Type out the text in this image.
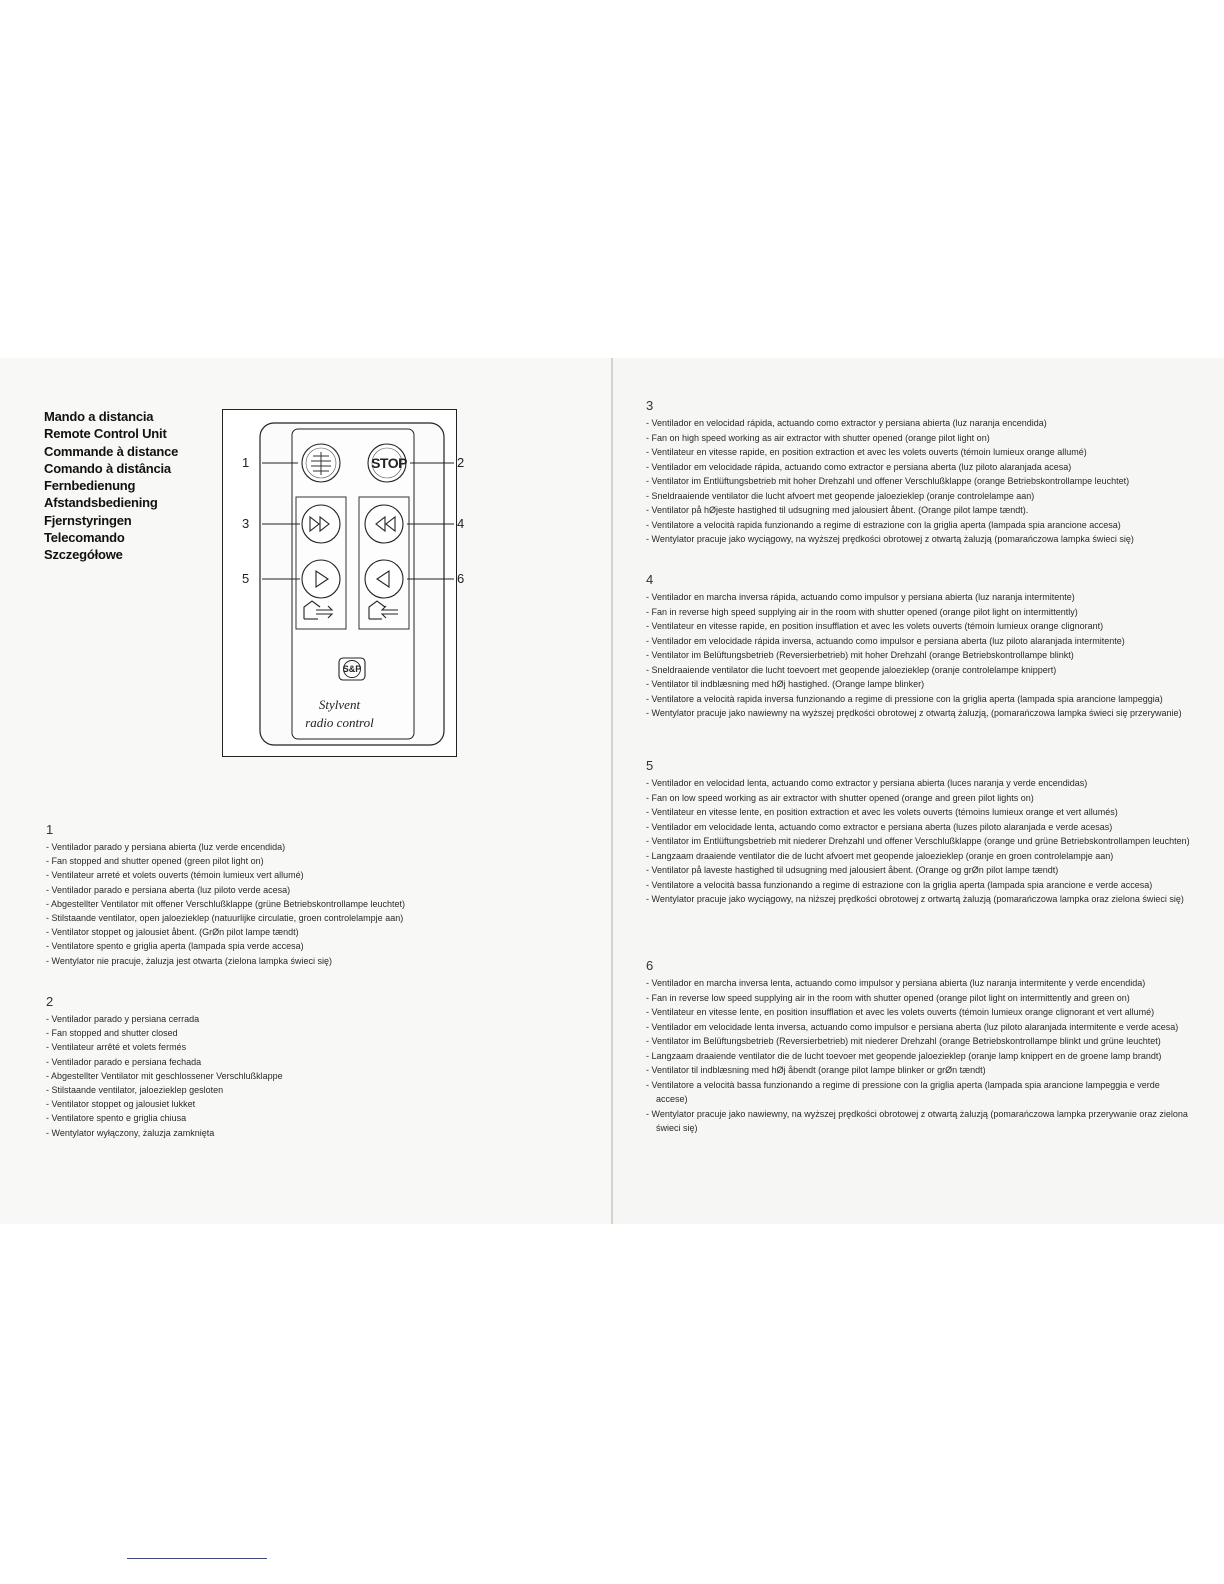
Mando a distancia
Remote Control Unit
Commande à distance
Comando à distância
Fernbedienung
Afstandsbediening
Fjernstyringen
Telecomando
Szczegółowe
STOP
S&P
Stylvent
radio control
1	2
3	4
5	6
1
- Ventilador parado y persiana abierta (luz verde encendida)
- Fan stopped and shutter opened (green pilot light on)
- Ventilateur arreté et volets ouverts (témoin lumieux vert allumé)
- Ventilador parado e persiana aberta (luz piloto verde acesa)
- Abgestellter Ventilator mit offener Verschlußklappe (grüne Betriebskontrollampe leuchtet)
- Stilstaande ventilator, open jaloezieklep (natuurlijke circulatie, groen controlelampje aan)
- Ventilator stoppet og jalousiet åbent. (GrØn pilot lampe tændt)
- Ventilatore spento e griglia aperta (lampada spia verde accesa)
- Wentylator nie pracuje, żaluzja jest otwarta (zielona lampka świeci się)
2
- Ventilador parado y persiana cerrada
- Fan stopped and shutter closed
- Ventilateur arrêté et volets fermés
- Ventilador parado e persiana fechada
- Abgestellter Ventilator mit geschlossener Verschlußklappe
- Stilstaande ventilator, jaloezieklep gesloten
- Ventilator stoppet og jalousiet lukket
- Ventilatore spento e griglia chiusa
- Wentylator wyłączony, żaluzja zamknięta
3
- Ventilador en velocidad rápida, actuando como extractor y persiana abierta (luz naranja encendida)
- Fan on high speed working as air extractor with shutter opened (orange pilot light on)
- Ventilateur en vitesse rapide, en position extraction et avec les volets ouverts (témoin lumieux orange allumé)
- Ventilador em velocidade rápida, actuando como extractor e persiana aberta (luz piloto alaranjada acesa)
- Ventilator im Entlüftungsbetrieb mit hoher Drehzahl und offener Verschlußklappe (orange Betriebskontrollampe leuchtet)
- Sneldraaiende ventilator die lucht afvoert met geopende jaloezieklep (oranje controlelampe aan)
- Ventilator på hØjeste hastighed til udsugning med jalousiert åbent. (Orange pilot lampe tændt).
- Ventilatore a velocità rapida funzionando a regime di estrazione con la griglia aperta (lampada spia arancione accesa)
- Wentylator pracuje jako wyciągowy, na wyższej prędkości obrotowej z otwartą żaluzją (pomarańczowa lampka świeci się)
4
- Ventilador en marcha inversa rápida, actuando como impulsor y persiana abierta (luz naranja intermitente)
- Fan in reverse high speed supplying air in the room with shutter opened (orange pilot light on intermittently)
- Ventilateur en vitesse rapide, en position insufflation et avec les volets ouverts (témoin lumieux orange clignorant)
- Ventilador em velocidade rápida inversa, actuando como impulsor e persiana aberta (luz piloto alaranjada intermitente)
- Ventilator im Belüftungsbetrieb (Reversierbetrieb) mit hoher Drehzahl (orange Betriebskontrollampe blinkt)
- Sneldraaiende ventilator die lucht toevoert met geopende jaloezieklep (oranje controlelampe knippert)
- Ventilator til indblæsning med hØj hastighed. (Orange lampe blinker)
- Ventilatore a velocità rapida inversa funzionando a regime di pressione con la griglia aperta (lampada spia arancione lampeggia)
- Wentylator pracuje jako nawiewny na wyższej prędkości obrotowej z otwartą żaluzją, (pomarańczowa lampka świeci się przerywanie)
5
- Ventilador en velocidad lenta, actuando como extractor y persiana abierta (luces naranja y verde encendidas)
- Fan on low speed working as air extractor with shutter opened (orange and green pilot lights on)
- Ventilateur en vitesse lente, en position extraction et avec les volets ouverts (témoins lumieux orange et vert allumés)
- Ventilador em velocidade lenta, actuando como extractor e persiana aberta (luzes piloto alaranjada e verde acesas)
- Ventilator im Entlüftungsbetrieb mit niederer Drehzahl und offener Verschlußklappe (orange und grüne Betriebskontrollampen leuchten)
- Langzaam draaiende ventilator die de lucht afvoert met geopende jaloezieklep (oranje en groen controlelampje aan)
- Ventilator på laveste hastighed til udsugning med jalousiert åbent. (Orange og grØn pilot lampe tændt)
- Ventilatore a velocità bassa funzionando a regime di estrazione con la griglia aperta (lampada spia arancione e verde accesa)
- Wentylator pracuje jako wyciągowy, na niższej prędkości obrotowej z ortwartą żaluzją (pomarańczowa lampka oraz zielona świeci się)
6
- Ventilador en marcha inversa lenta, actuando como impulsor y persiana abierta (luz naranja intermitente y verde encendida)
- Fan in reverse low speed supplying air in the room with shutter opened (orange pilot light on intermittently and green on)
- Ventilateur en vitesse lente, en position insufflation et avec les volets ouverts (témoin lumieux orange clignorant et vert allumé)
- Ventilador em velocidade lenta inversa, actuando como impulsor e persiana aberta (luz piloto alaranjada intermitente e verde acesa)
- Ventilator im Belüftungsbetrieb (Reversierbetrieb) mit niederer Drehzahl (orange Betriebskontrollampe blinkt und grüne leuchtet)
- Langzaam draaiende ventilator die de lucht toevoer met geopende jaloezieklep (oranje lamp knippert en de groene lamp brandt)
- Ventilator til indblæsning med hØj åbendt (orange pilot lampe blinker or grØn tændt)
- Ventilatore a velocità bassa funzionando a regime di pressione con la griglia aperta (lampada spia arancione lampeggia e verde accese)
- Wentylator pracuje jako nawiewny, na wyższej prędkości obrotowej z otwartą żaluzją (pomarańczowa lampka przerywanie oraz zielona świeci się)
